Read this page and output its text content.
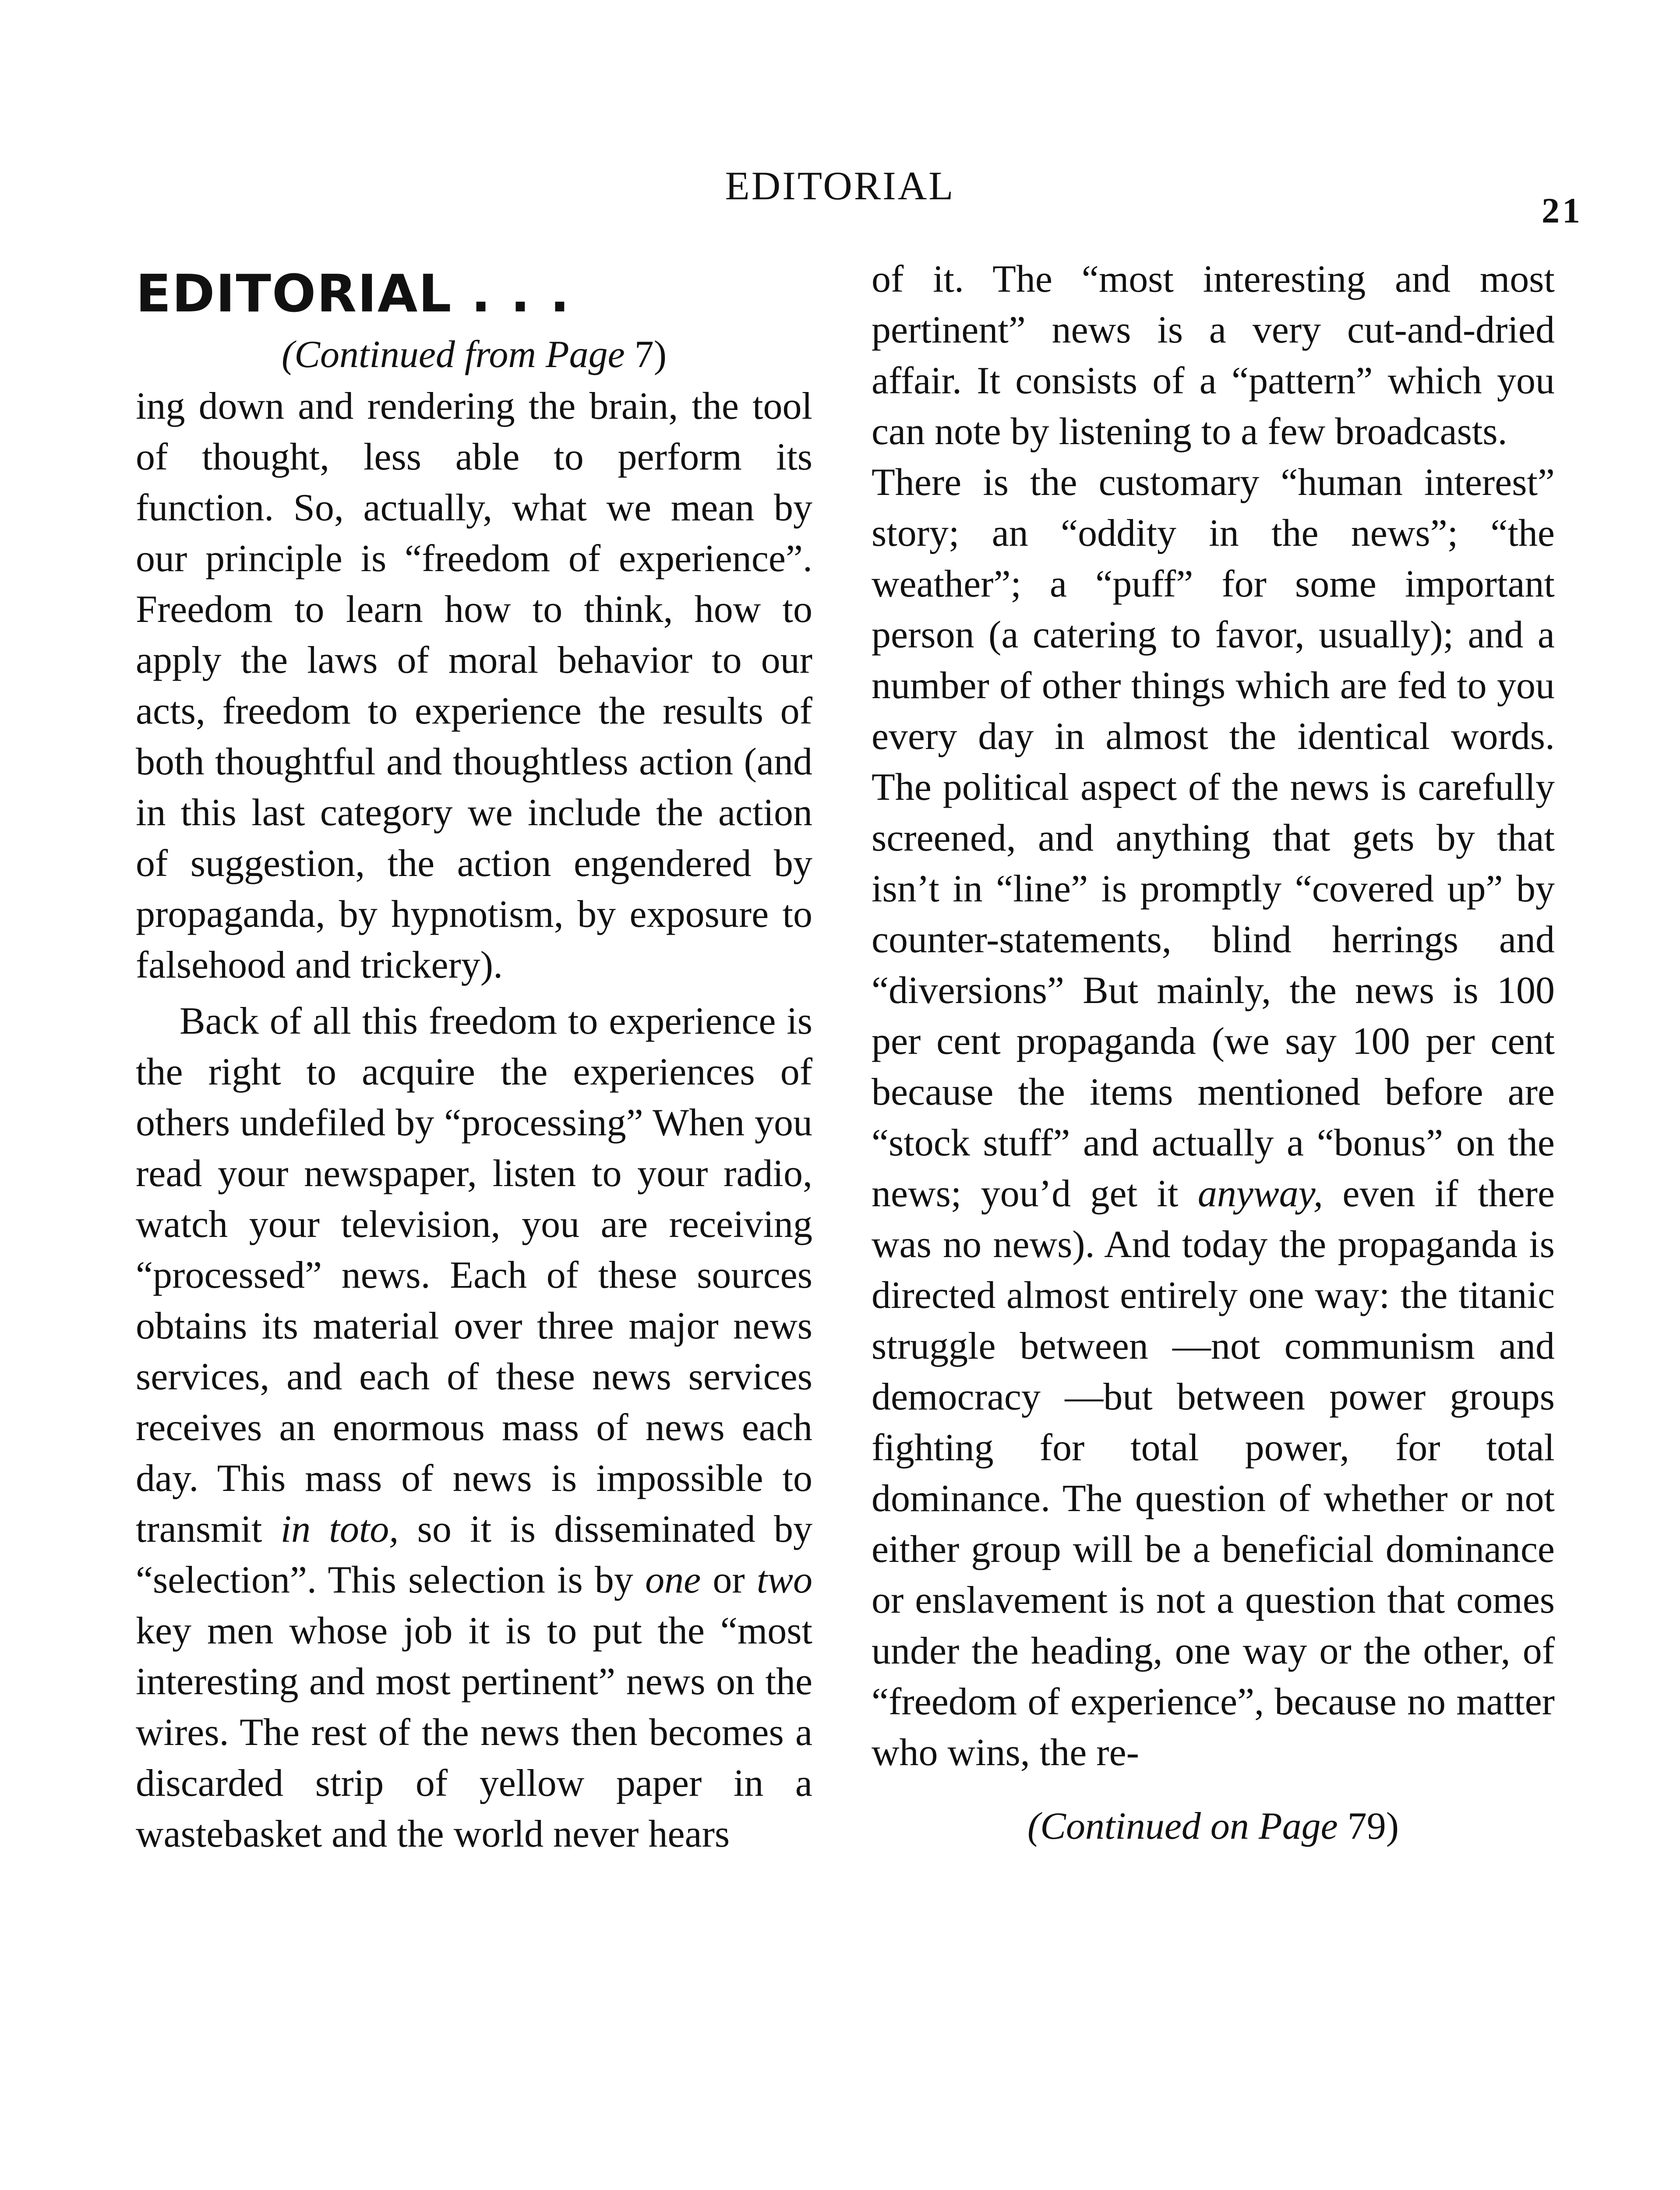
EDITORIAL
21
EDITORIAL . . .
(Continued from Page 7)

ing down and rendering the brain, the tool of thought, less able to perform its function. So, actually, what we mean by our principle is “freedom of experience”. Freedom to learn how to think, how to apply the laws of moral behavior to our acts, freedom to experience the results of both thoughtful and thoughtless action (and in this last category we include the action of suggestion, the action engendered by propaganda, by hypnotism, by exposure to falsehood and trickery).

Back of all this freedom to experience is the right to acquire the experiences of others undefiled by “processing” When you read your newspaper, listen to your radio, watch your television, you are receiving “processed” news. Each of these sources obtains its material over three major news services, and each of these news services receives an enormous mass of news each day. This mass of news is impossible to transmit in toto, so it is disseminated by “selection”. This selection is by one or two key men whose job it is to put the “most interesting and most pertinent” news on the wires. The rest of the news then becomes a discarded strip of yellow paper in a wastebasket and the world never hears

of it. The “most interesting and most pertinent” news is a very cut-and-dried affair. It consists of a “pattern” which you can note by listening to a few broadcasts.

There is the customary “human interest” story; an “oddity in the news”; “the weather”; a “puff” for some important person (a catering to favor, usually); and a number of other things which are fed to you every day in almost the identical words. The political aspect of the news is carefully screened, and anything that gets by that isn’t in “line” is promptly “covered up” by counter-statements, blind herrings and “diversions” But mainly, the news is 100 per cent propaganda (we say 100 per cent because the items mentioned before are “stock stuff” and actually a “bonus” on the news; you’d get it anyway, even if there was no news). And today the propaganda is directed almost entirely one way: the titanic struggle between —not communism and democracy —but between power groups fighting for total power, for total dominance. The question of whether or not either group will be a beneficial dominance or enslavement is not a question that comes under the heading, one way or the other, of “freedom of experience”, because no matter who wins, the re-

(Continued on Page 79)
